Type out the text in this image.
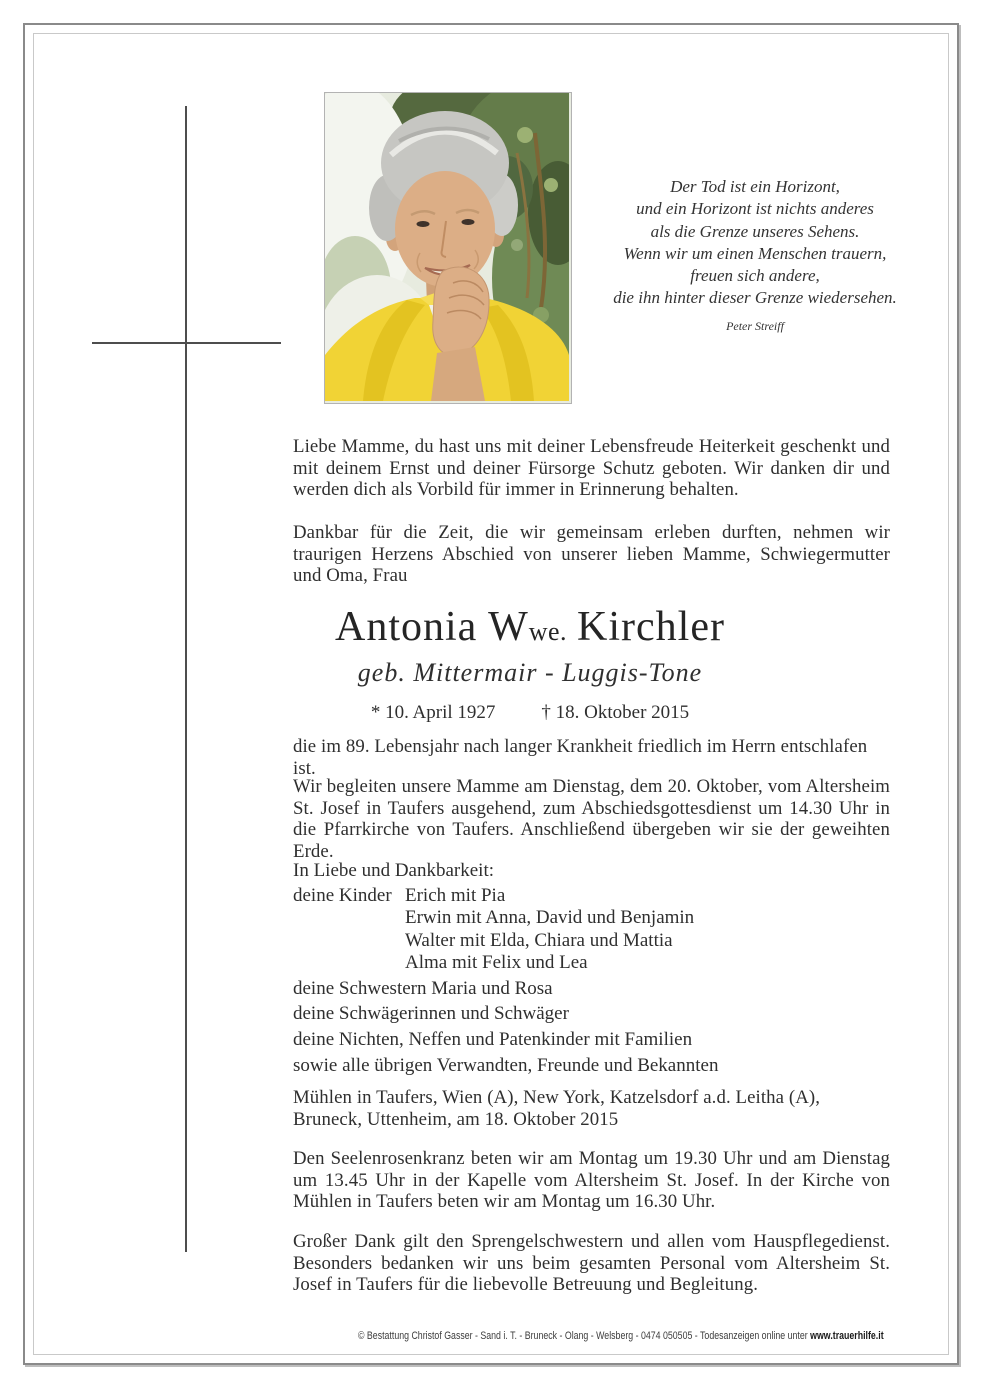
Der Tod ist ein Horizont,
und ein Horizont ist nichts anderes
als die Grenze unseres Sehens.
Wenn wir um einen Menschen trauern,
freuen sich andere,
die ihn hinter dieser Grenze wiedersehen.
Peter Streiff
Liebe Mamme, du hast uns mit deiner Lebensfreude Heiterkeit geschenkt und mit deinem Ernst und deiner Fürsorge Schutz geboten. Wir danken dir und werden dich als Vorbild für immer in Erinnerung behalten.
Dankbar für die Zeit, die wir gemeinsam erleben durften, nehmen wir traurigen Herzens Abschied von unserer lieben Mamme, Schwiegermutter und Oma, Frau
Antonia Wwe. Kirchler
geb. Mittermair - Luggis-Tone
* 10. April 1927 † 18. Oktober 2015
die im 89. Lebensjahr nach langer Krankheit friedlich im Herrn entschlafen ist.
Wir begleiten unsere Mamme am Dienstag, dem 20. Oktober, vom Altersheim St. Josef in Taufers ausgehend, zum Abschiedsgottesdienst um 14.30 Uhr in die Pfarrkirche von Taufers. Anschließend übergeben wir sie der geweihten Erde.
In Liebe und Dankbarkeit:
deine Kinder Erich mit Pia
Erwin mit Anna, David und Benjamin
Walter mit Elda, Chiara und Mattia
Alma mit Felix und Lea
deine Schwestern Maria und Rosa
deine Schwägerinnen und Schwäger
deine Nichten, Neffen und Patenkinder mit Familien
sowie alle übrigen Verwandten, Freunde und Bekannten
Mühlen in Taufers, Wien (A), New York, Katzelsdorf a.d. Leitha (A), Bruneck, Uttenheim, am 18. Oktober 2015
Den Seelenrosenkranz beten wir am Montag um 19.30 Uhr und am Dienstag um 13.45 Uhr in der Kapelle vom Altersheim St. Josef. In der Kirche von Mühlen in Taufers beten wir am Montag um 16.30 Uhr.
Großer Dank gilt den Sprengelschwestern und allen vom Hauspflegedienst. Besonders bedanken wir uns beim gesamten Personal vom Altersheim St. Josef in Taufers für die liebevolle Betreuung und Begleitung.
© Bestattung Christof Gasser - Sand i. T. - Bruneck - Olang - Welsberg - 0474 050505 - Todesanzeigen online unter www.trauerhilfe.it
